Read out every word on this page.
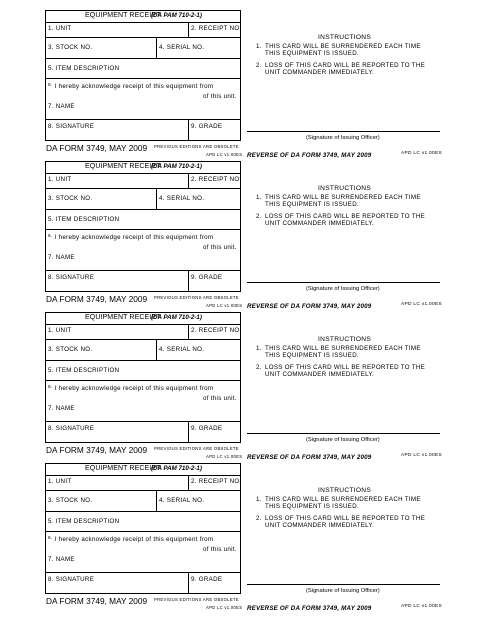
EQUIPMENT RECEIPT
(DA PAM 710-2-1)
1. UNIT	2. RECEIPT NO.
3. STOCK NO.	4. SERIAL NO.
5. ITEM DESCRIPTION
$^{6.}$ I hereby acknowledge receipt of this equipment from
of this unit.
7. NAME
8. SIGNATURE	9. GRADE
DA FORM 3749, MAY 2009 PREVIOUS EDITIONS ARE OBSOLETE
APD LC v1.00ES
INSTRUCTIONS
1. THIS CARD WILL BE SURRENDERED EACH TIME
THIS EQUIPMENT IS ISSUED.
2. LOSS OF THIS CARD WILL BE REPORTED TO THE
UNIT COMMANDER IMMEDIATELY.
(Signature of Issuing Officer)
REVERSE OF DA FORM 3749, MAY 2009	APD LC v1.00ES
EQUIPMENT RECEIPT
(DA PAM 710-2-1)
1. UNIT	2. RECEIPT NO.
3. STOCK NO.	4. SERIAL NO.
5. ITEM DESCRIPTION
$^{6.}$ I hereby acknowledge receipt of this equipment from
of this unit.
7. NAME
8. SIGNATURE	9. GRADE
DA FORM 3749, MAY 2009 PREVIOUS EDITIONS ARE OBSOLETE
APD LC v1.00ES
INSTRUCTIONS
1. THIS CARD WILL BE SURRENDERED EACH TIME
THIS EQUIPMENT IS ISSUED.
2. LOSS OF THIS CARD WILL BE REPORTED TO THE
UNIT COMMANDER IMMEDIATELY.
(Signature of Issuing Officer)
REVERSE OF DA FORM 3749, MAY 2009	APD LC v1.00ES
EQUIPMENT RECEIPT
(DA PAM 710-2-1)
1. UNIT	2. RECEIPT NO.
3. STOCK NO.	4. SERIAL NO.
5. ITEM DESCRIPTION
$^{6.}$ I hereby acknowledge receipt of this equipment from
of this unit.
7. NAME
8. SIGNATURE	9. GRADE
DA FORM 3749, MAY 2009 PREVIOUS EDITIONS ARE OBSOLETE
APD LC v1.00ES
INSTRUCTIONS
1. THIS CARD WILL BE SURRENDERED EACH TIME
THIS EQUIPMENT IS ISSUED.
2. LOSS OF THIS CARD WILL BE REPORTED TO THE
UNIT COMMANDER IMMEDIATELY.
(Signature of Issuing Officer)
REVERSE OF DA FORM 3749, MAY 2009	APD LC v1.00ES
EQUIPMENT RECEIPT
(DA PAM 710-2-1)
1. UNIT	2. RECEIPT NO.
3. STOCK NO.	4. SERIAL NO.
5. ITEM DESCRIPTION
$^{6.}$ I hereby acknowledge receipt of this equipment from
of this unit.
7. NAME
8. SIGNATURE	9. GRADE
DA FORM 3749, MAY 2009 PREVIOUS EDITIONS ARE OBSOLETE
APD LC v1.00ES
INSTRUCTIONS
1. THIS CARD WILL BE SURRENDERED EACH TIME
THIS EQUIPMENT IS ISSUED.
2. LOSS OF THIS CARD WILL BE REPORTED TO THE
UNIT COMMANDER IMMEDIATELY.
(Signature of Issuing Officer)
REVERSE OF DA FORM 3749, MAY 2009	APD LC v1.00ES
